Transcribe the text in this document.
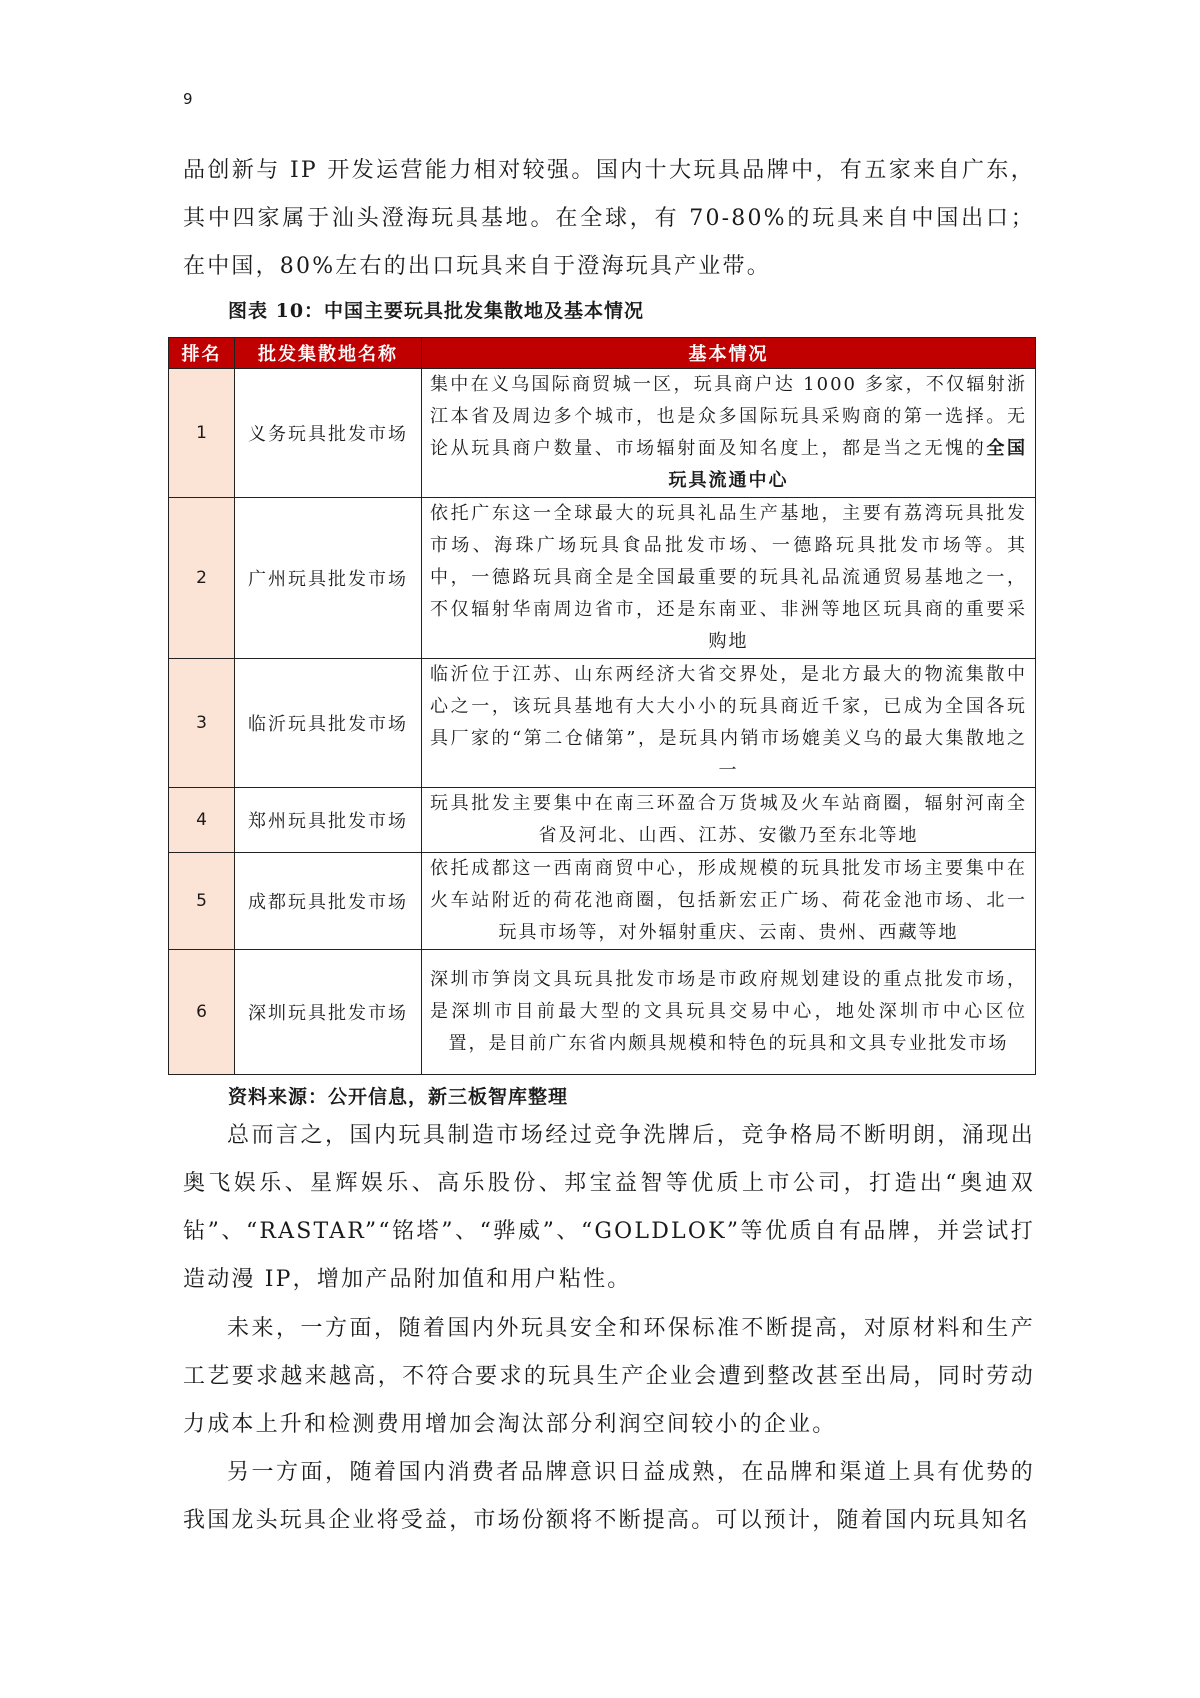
9

品创新与 IP 开发运营能力相对较强。国内十大玩具品牌中，有五家来自广东，其中四家属于汕头澄海玩具基地。在全球，有 70-80%的玩具来自中国出口；在中国，80%左右的出口玩具来自于澄海玩具产业带。

图表 10：中国主要玩具批发集散地及基本情况
排名	批发集散地名称	基本情况
1	义务玩具批发市场	集中在义乌国际商贸城一区，玩具商户达 1000 多家，不仅辐射浙江本省及周边多个城市，也是众多国际玩具采购商的第一选择。无论从玩具商户数量、市场辐射面及知名度上，都是当之无愧的全国玩具流通中心
2	广州玩具批发市场	依托广东这一全球最大的玩具礼品生产基地，主要有荔湾玩具批发市场、海珠广场玩具食品批发市场、一德路玩具批发市场等。其中，一德路玩具商全是全国最重要的玩具礼品流通贸易基地之一，不仅辐射华南周边省市，还是东南亚、非洲等地区玩具商的重要采购地
3	临沂玩具批发市场	临沂位于江苏、山东两经济大省交界处，是北方最大的物流集散中心之一，该玩具基地有大大小小的玩具商近千家，已成为全国各玩具厂家的“第二仓储第”，是玩具内销市场媲美义乌的最大集散地之一
4	郑州玩具批发市场	玩具批发主要集中在南三环盈合万货城及火车站商圈，辐射河南全省及河北、山西、江苏、安徽乃至东北等地
5	成都玩具批发市场	依托成都这一西南商贸中心，形成规模的玩具批发市场主要集中在火车站附近的荷花池商圈，包括新宏正广场、荷花金池市场、北一玩具市场等，对外辐射重庆、云南、贵州、西藏等地
6	深圳玩具批发市场	深圳市笋岗文具玩具批发市场是市政府规划建设的重点批发市场，是深圳市目前最大型的文具玩具交易中心，地处深圳市中心区位置，是目前广东省内颇具规模和特色的玩具和文具专业批发市场
资料来源：公开信息，新三板智库整理

总而言之，国内玩具制造市场经过竞争洗牌后，竞争格局不断明朗，涌现出奥飞娱乐、星辉娱乐、高乐股份、邦宝益智等优质上市公司，打造出“奥迪双钻”、“RASTAR”“铭塔”、“骅威”、“GOLDLOK”等优质自有品牌，并尝试打造动漫 IP，增加产品附加值和用户粘性。

未来，一方面，随着国内外玩具安全和环保标准不断提高，对原材料和生产工艺要求越来越高，不符合要求的玩具生产企业会遭到整改甚至出局，同时劳动力成本上升和检测费用增加会淘汰部分利润空间较小的企业。

另一方面，随着国内消费者品牌意识日益成熟，在品牌和渠道上具有优势的我国龙头玩具企业将受益，市场份额将不断提高。可以预计，随着国内玩具知名
